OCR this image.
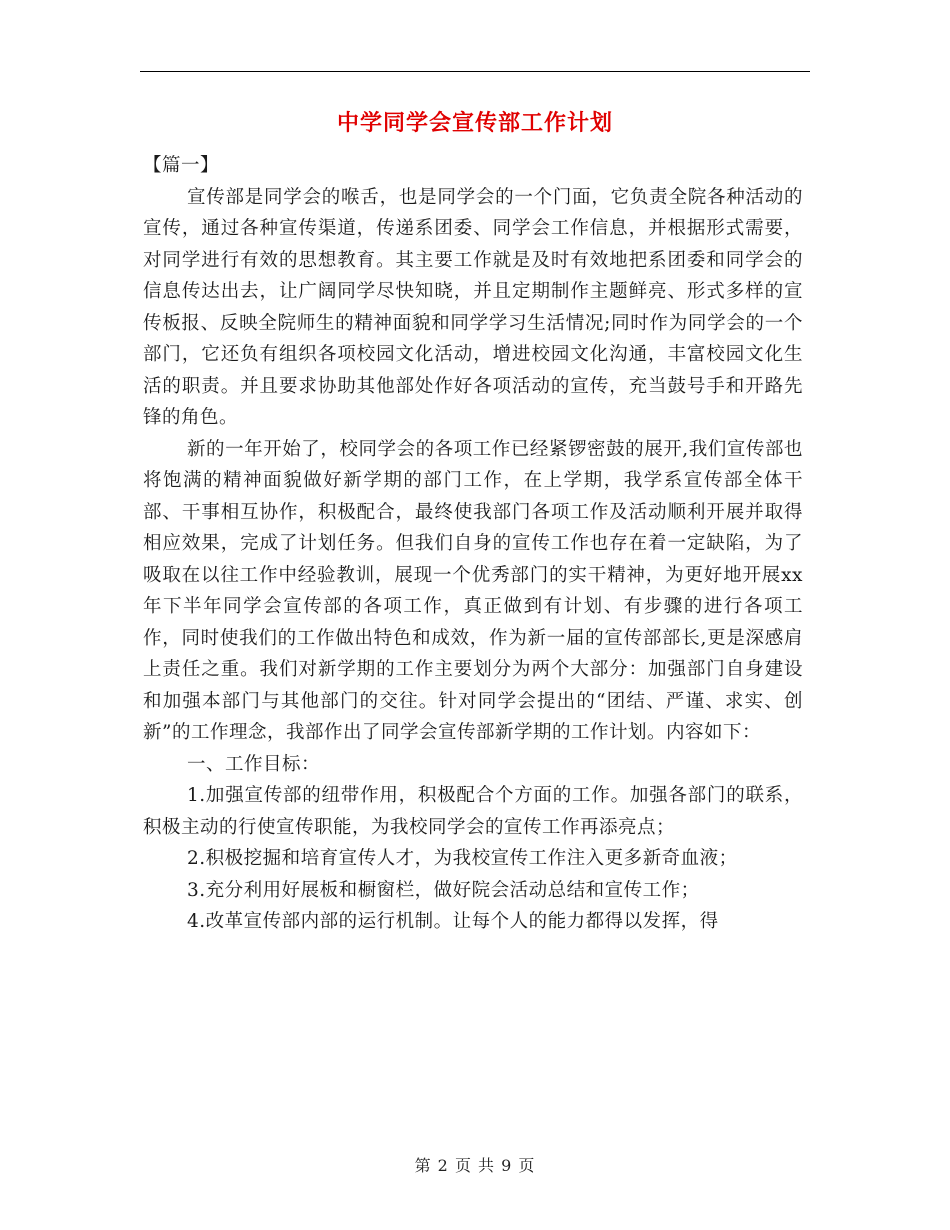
中学同学会宣传部工作计划

【篇一】

宣传部是同学会的喉舌，也是同学会的一个门面，它负责全院各种活动的宣传，通过各种宣传渠道，传递系团委、同学会工作信息，并根据形式需要，对同学进行有效的思想教育。其主要工作就是及时有效地把系团委和同学会的信息传达出去，让广阔同学尽快知晓，并且定期制作主题鲜亮、形式多样的宣传板报、反映全院师生的精神面貌和同学学习生活情况;同时作为同学会的一个部门，它还负有组织各项校园文化活动，增进校园文化沟通，丰富校园文化生活的职责。并且要求协助其他部处作好各项活动的宣传，充当鼓号手和开路先锋的角色。

新的一年开始了，校同学会的各项工作已经紧锣密鼓的展开,我们宣传部也将饱满的精神面貌做好新学期的部门工作，在上学期，我学系宣传部全体干部、干事相互协作，积极配合，最终使我部门各项工作及活动顺利开展并取得相应效果，完成了计划任务。但我们自身的宣传工作也存在着一定缺陷，为了吸取在以往工作中经验教训，展现一个优秀部门的实干精神，为更好地开展xx年下半年同学会宣传部的各项工作，真正做到有计划、有步骤的进行各项工作，同时使我们的工作做出特色和成效，作为新一届的宣传部部长,更是深感肩上责任之重。我们对新学期的工作主要划分为两个大部分：加强部门自身建设和加强本部门与其他部门的交往。针对同学会提出的“团结、严谨、求实、创新”的工作理念，我部作出了同学会宣传部新学期的工作计划。内容如下：

一、工作目标：

1.加强宣传部的纽带作用，积极配合个方面的工作。加强各部门的联系，积极主动的行使宣传职能，为我校同学会的宣传工作再添亮点；

2.积极挖掘和培育宣传人才，为我校宣传工作注入更多新奇血液；

3.充分利用好展板和橱窗栏，做好院会活动总结和宣传工作；

4.改革宣传部内部的运行机制。让每个人的能力都得以发挥，得

第 2 页 共 9 页
